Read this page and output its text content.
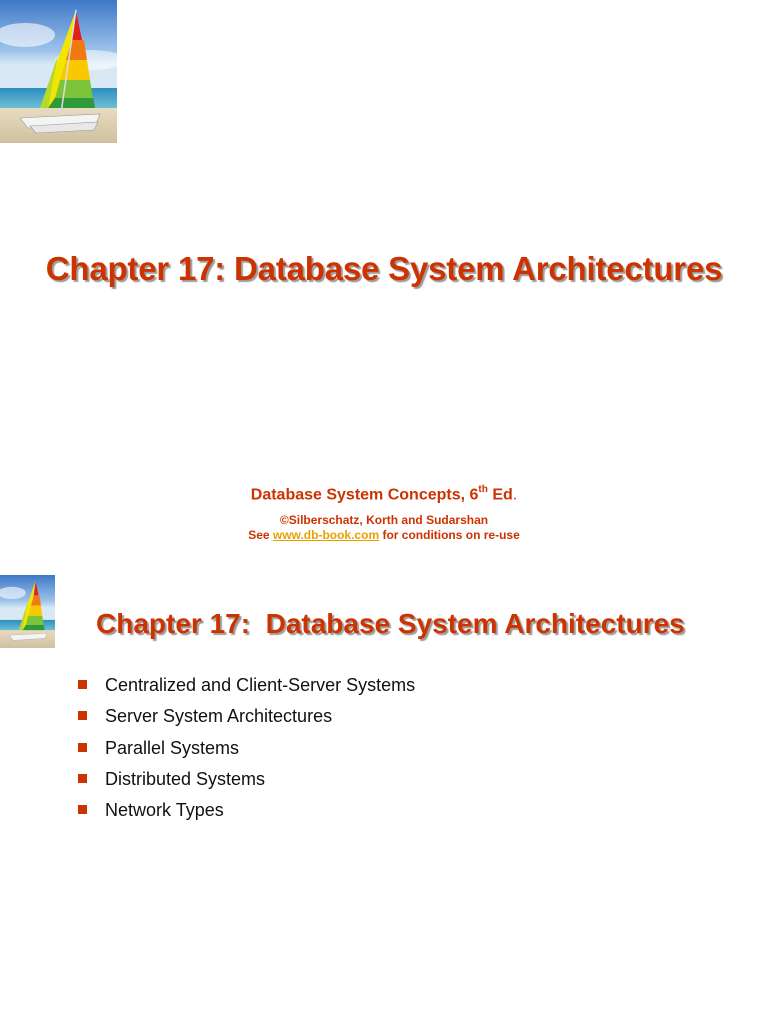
Chapter 17: Database System Architectures
Database System Concepts, 6th Ed.
©Silberschatz, Korth and Sudarshan
See www.db-book.com for conditions on re-use
Chapter 17:  Database System Architectures
Centralized and Client-Server Systems
Server System Architectures
Parallel Systems
Distributed Systems
Network Types
